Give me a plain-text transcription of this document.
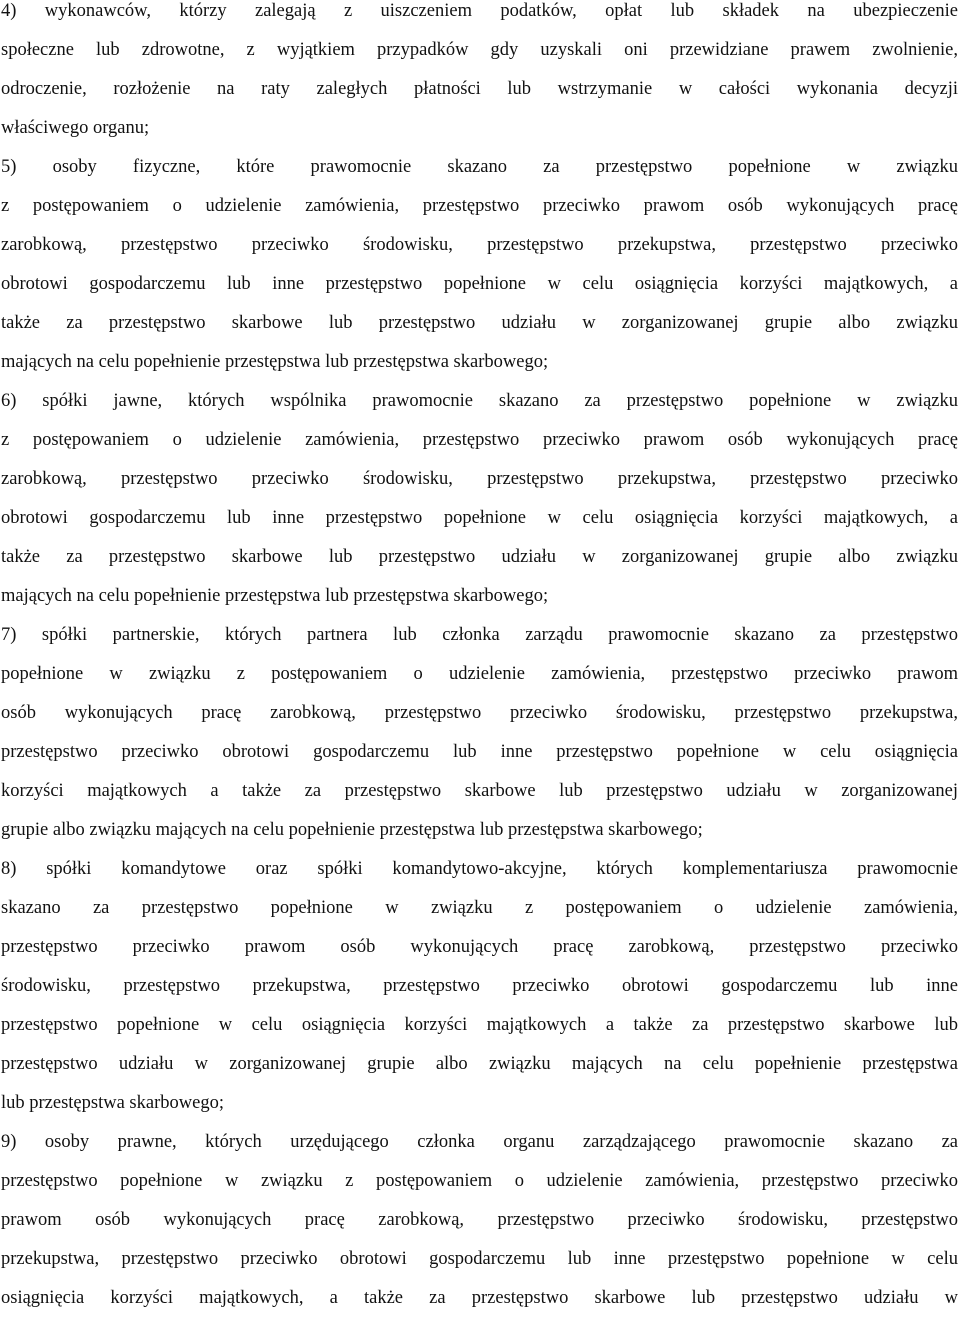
4) wykonawców, którzy zalegają z uiszczeniem podatków, opłat lub składek na ubezpieczenie
społeczne lub zdrowotne, z wyjątkiem przypadków gdy uzyskali oni przewidziane prawem zwolnienie,
odroczenie, rozłożenie na raty zaległych płatności lub wstrzymanie w całości wykonania decyzji
właściwego organu;
5) osoby fizyczne, które prawomocnie skazano za przestępstwo popełnione w związku
z postępowaniem o udzielenie zamówienia, przestępstwo przeciwko prawom osób wykonujących pracę
zarobkową, przestępstwo przeciwko środowisku, przestępstwo przekupstwa, przestępstwo przeciwko
obrotowi gospodarczemu lub inne przestępstwo popełnione w celu osiągnięcia korzyści majątkowych, a
także za przestępstwo skarbowe lub przestępstwo udziału w zorganizowanej grupie albo związku
mających na celu popełnienie przestępstwa lub przestępstwa skarbowego;
6) spółki jawne, których wspólnika prawomocnie skazano za przestępstwo popełnione w związku
z postępowaniem o udzielenie zamówienia, przestępstwo przeciwko prawom osób wykonujących pracę
zarobkową, przestępstwo przeciwko środowisku, przestępstwo przekupstwa, przestępstwo przeciwko
obrotowi gospodarczemu lub inne przestępstwo popełnione w celu osiągnięcia korzyści majątkowych, a
także za przestępstwo skarbowe lub przestępstwo udziału w zorganizowanej grupie albo związku
mających na celu popełnienie przestępstwa lub przestępstwa skarbowego;
7) spółki partnerskie, których partnera lub członka zarządu prawomocnie skazano za przestępstwo
popełnione w związku z postępowaniem o udzielenie zamówienia, przestępstwo przeciwko prawom
osób wykonujących pracę zarobkową, przestępstwo przeciwko środowisku, przestępstwo przekupstwa,
przestępstwo przeciwko obrotowi gospodarczemu lub inne przestępstwo popełnione w celu osiągnięcia
korzyści majątkowych a także za przestępstwo skarbowe lub przestępstwo udziału w zorganizowanej
grupie albo związku mających na celu popełnienie przestępstwa lub przestępstwa skarbowego;
8) spółki komandytowe oraz spółki komandytowo-akcyjne, których komplementariusza prawomocnie
skazano za przestępstwo popełnione w związku z postępowaniem o udzielenie zamówienia,
przestępstwo przeciwko prawom osób wykonujących pracę zarobkową, przestępstwo przeciwko
środowisku, przestępstwo przekupstwa, przestępstwo przeciwko obrotowi gospodarczemu lub inne
przestępstwo popełnione w celu osiągnięcia korzyści majątkowych a także za przestępstwo skarbowe lub
przestępstwo udziału w zorganizowanej grupie albo związku mających na celu popełnienie przestępstwa
lub przestępstwa skarbowego;
9) osoby prawne, których urzędującego członka organu zarządzającego prawomocnie skazano za
przestępstwo popełnione w związku z postępowaniem o udzielenie zamówienia, przestępstwo przeciwko
prawom osób wykonujących pracę zarobkową, przestępstwo przeciwko środowisku, przestępstwo
przekupstwa, przestępstwo przeciwko obrotowi gospodarczemu lub inne przestępstwo popełnione w celu
osiągnięcia korzyści majątkowych, a także za przestępstwo skarbowe lub przestępstwo udziału w
